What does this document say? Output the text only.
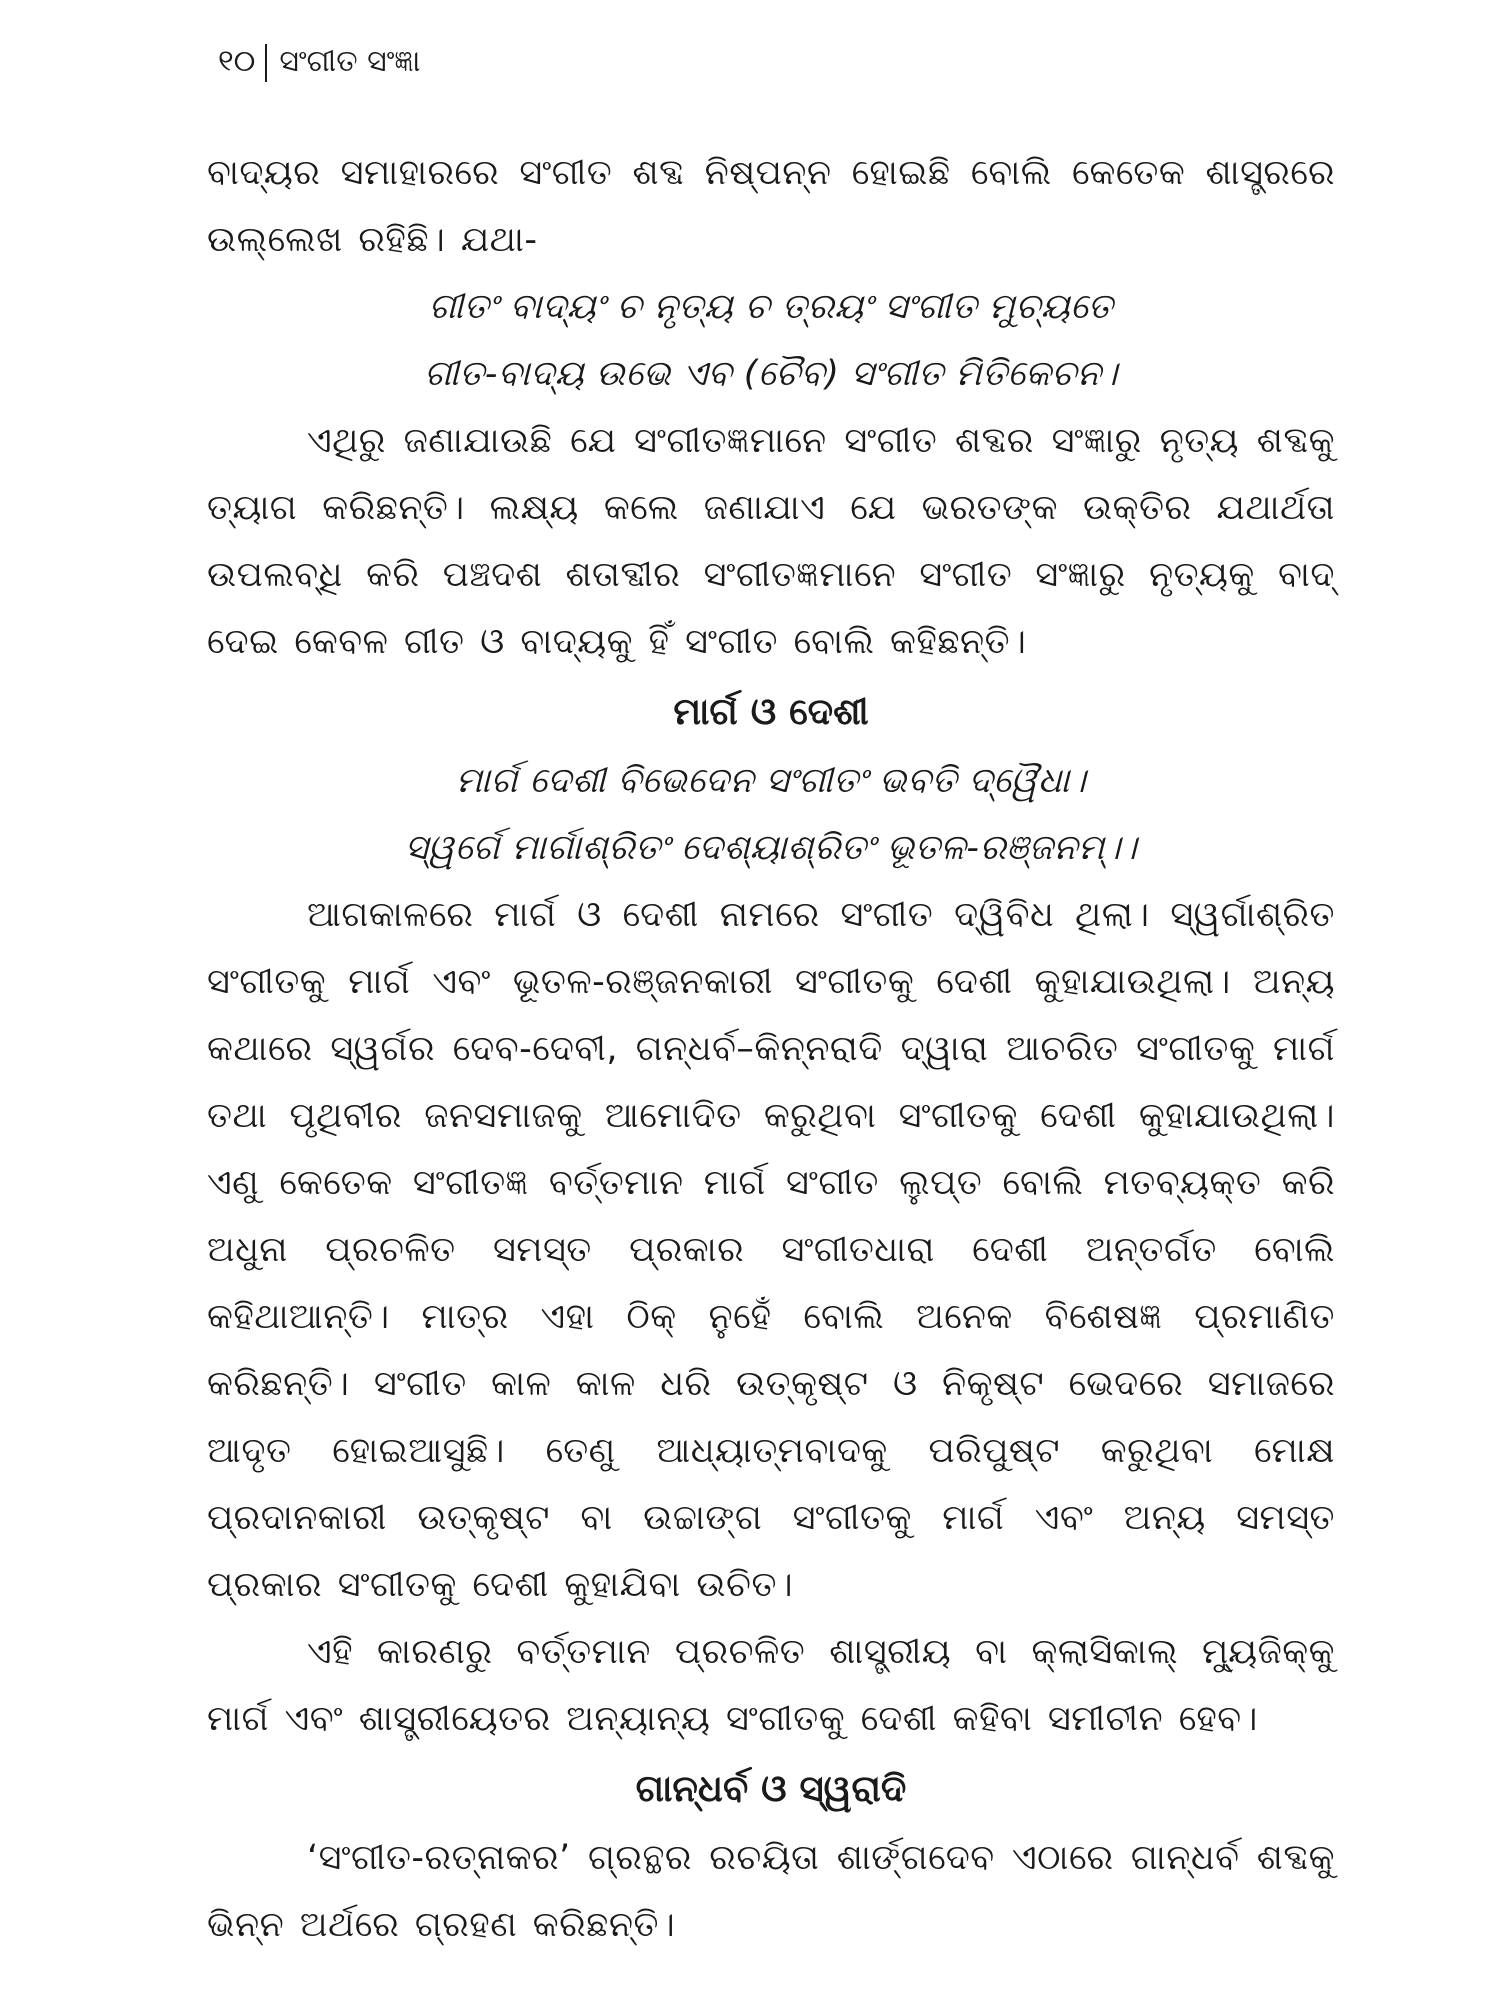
୧୦ ସଂଗୀତ ସଂଜ୍ଞା

ବାଦ୍ୟର ସମାହାରରେ ସଂଗୀତ ଶବ୍ଦ ନିଷ୍ପନ୍ନ ହୋଇଛି ବୋଲି କେତେକ ଶାସ୍ତ୍ରରେ ଉଲ୍ଲେଖ ରହିଛି। ଯଥା-

ଗୀତଂ ବାଦ୍ୟଂ ଚ ନୃତ୍ୟ ଚ ତ୍ରୟଂ ସଂଗୀତ ମୁଚ୍ୟତେ

ଗୀତ-ବାଦ୍ୟ ଉଭେ ଏବ (ଚୈବ) ସଂଗୀତ ମିତିକେଚନ।

ଏଥିରୁ ଜଣାଯାଉଛି ଯେ ସଂଗୀତଜ୍ଞମାନେ ସଂଗୀତ ଶବ୍ଦର ସଂଜ୍ଞାରୁ ନୃତ୍ୟ ଶବ୍ଦକୁ ତ୍ୟାଗ କରିଛନ୍ତି। ଲକ୍ଷ୍ୟ କଲେ ଜଣାଯାଏ ଯେ ଭରତଙ୍କ ଉକ୍ତିର ଯଥାର୍ଥତା ଉପଲବ୍ଧି କରି ପଞ୍ଚଦଶ ଶତାବ୍ଦୀର ସଂଗୀତଜ୍ଞମାନେ ସଂଗୀତ ସଂଜ୍ଞାରୁ ନୃତ୍ୟକୁ ବାଦ୍ ଦେଇ କେବଳ ଗୀତ ଓ ବାଦ୍ୟକୁ ହିଁ ସଂଗୀତ ବୋଲି କହିଛନ୍ତି।

ମାର୍ଗ ଓ ଦେଶୀ

ମାର୍ଗ ଦେଶୀ ବିଭେଦେନ ସଂଗୀତଂ ଭବତି ଦ୍ୱୈଧା।

ସ୍ୱର୍ଗେ ମାର୍ଗାଶ୍ରିତଂ ଦେଶ୍ୟାଶ୍ରିତଂ ଭୂତଳ-ରଞ୍ଜନମ୍।।

ଆଗକାଳରେ ମାର୍ଗ ଓ ଦେଶୀ ନାମରେ ସଂଗୀତ ଦ୍ୱିବିଧ ଥିଲା। ସ୍ୱର୍ଗାଶ୍ରିତ ସଂଗୀତକୁ ମାର୍ଗ ଏବଂ ଭୂତଳ-ରଞ୍ଜନକାରୀ ସଂଗୀତକୁ ଦେଶୀ କୁହାଯାଉଥିଲା। ଅନ୍ୟ କଥାରେ ସ୍ୱର୍ଗର ଦେବ-ଦେବୀ, ଗନ୍ଧର୍ବ–କିନ୍ନରାଦି ଦ୍ୱାରା ଆଚରିତ ସଂଗୀତକୁ ମାର୍ଗ ତଥା ପୃଥିବୀର ଜନସମାଜକୁ ଆମୋଦିତ କରୁଥିବା ସଂଗୀତକୁ ଦେଶୀ କୁହାଯାଉଥିଲା। ଏଣୁ କେତେକ ସଂଗୀତଜ୍ଞ ବର୍ତ୍ତମାନ ମାର୍ଗ ସଂଗୀତ ଲୁପ୍ତ ବୋଲି ମତବ୍ୟକ୍ତ କରି ଅଧୁନା ପ୍ରଚଳିତ ସମସ୍ତ ପ୍ରକାର ସଂଗୀତଧାରା ଦେଶୀ ଅନ୍ତର୍ଗତ ବୋଲି କହିଥାଆନ୍ତି। ମାତ୍ର ଏହା ଠିକ୍ ନୁହେଁ ବୋଲି ଅନେକ ବିଶେଷଜ୍ଞ ପ୍ରମାଣିତ କରିଛନ୍ତି। ସଂଗୀତ କାଳ କାଳ ଧରି ଉତ୍କୃଷ୍ଟ ଓ ନିକୃଷ୍ଟ ଭେଦରେ ସମାଜରେ ଆଦୃତ ହୋଇଆସୁଛି। ତେଣୁ ଆଧ୍ୟାତ୍ମବାଦକୁ ପରିପୁଷ୍ଟ କରୁଥିବା ମୋକ୍ଷ ପ୍ରଦାନକାରୀ ଉତ୍କୃଷ୍ଟ ବା ଉଚ୍ଚାଙ୍ଗ ସଂଗୀତକୁ ମାର୍ଗ ଏବଂ ଅନ୍ୟ ସମସ୍ତ ପ୍ରକାର ସଂଗୀତକୁ ଦେଶୀ କୁହାଯିବା ଉଚିତ।

ଏହି କାରଣରୁ ବର୍ତ୍ତମାନ ପ୍ରଚଳିତ ଶାସ୍ତ୍ରୀୟ ବା କ୍ଲାସିକାଲ୍ ମ୍ୟୁଜିକ୍‌କୁ ମାର୍ଗ ଏବଂ ଶାସ୍ତ୍ରୀୟେତର ଅନ୍ୟାନ୍ୟ ସଂଗୀତକୁ ଦେଶୀ କହିବା ସମୀଚୀନ ହେବ।

ଗାନ୍ଧର୍ବ ଓ ସ୍ୱରାଦି

‘ସଂଗୀତ-ରତ୍ନାକର’ ଗ୍ରନ୍ଥର ରଚୟିତା ଶାର୍ଙ୍ଗଦେବ ଏଠାରେ ଗାନ୍ଧର୍ବ ଶବ୍ଦକୁ ଭିନ୍ନ ଅର୍ଥରେ ଗ୍ରହଣ କରିଛନ୍ତି।
